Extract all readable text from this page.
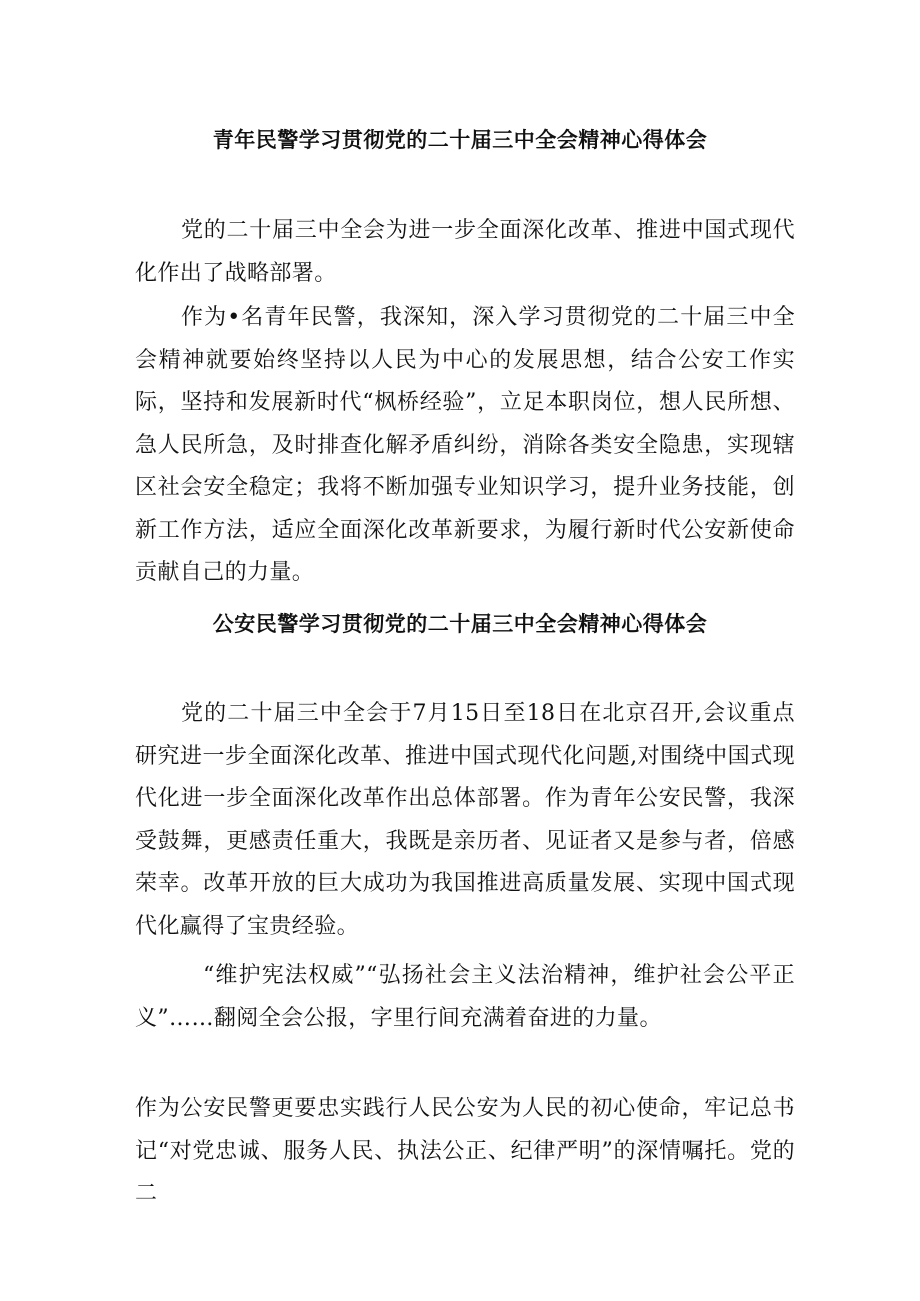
青年民警学习贯彻党的二十届三中全会精神心得体会

党的二十届三中全会为进一步全面深化改革、推进中国式现代化作出了战略部署。

作为•名青年民警，我深知，深入学习贯彻党的二十届三中全会精神就要始终坚持以人民为中心的发展思想，结合公安工作实际，坚持和发展新时代“枫桥经验”，立足本职岗位，想人民所想、急人民所急，及时排查化解矛盾纠纷，消除各类安全隐患，实现辖区社会安全稳定；我将不断加强专业知识学习，提升业务技能，创新工作方法，适应全面深化改革新要求，为履行新时代公安新使命贡献自己的力量。

公安民警学习贯彻党的二十届三中全会精神心得体会

党的二十届三中全会于7月15日至18日在北京召开,会议重点研究进一步全面深化改革、推进中国式现代化问题,对围绕中国式现代化进一步全面深化改革作出总体部署。作为青年公安民警，我深受鼓舞，更感责任重大，我既是亲历者、见证者又是参与者，倍感荣幸。改革开放的巨大成功为我国推进高质量发展、实现中国式现代化赢得了宝贵经验。

“维护宪法权威”“弘扬社会主义法治精神，维护社会公平正义”……翻阅全会公报，字里行间充满着奋进的力量。

作为公安民警更要忠实践行人民公安为人民的初心使命，牢记总书记“对党忠诚、服务人民、执法公正、纪律严明”的深情嘱托。党的二
